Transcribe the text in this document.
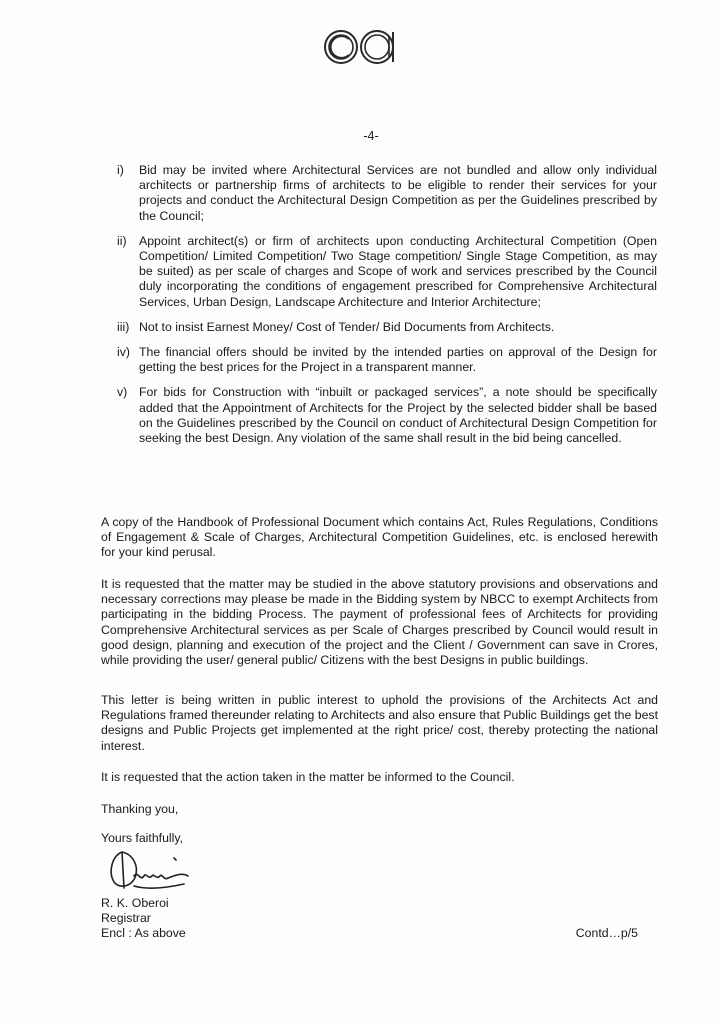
-4-
i) Bid may be invited where Architectural Services are not bundled and allow only individual architects or partnership firms of architects to be eligible to render their services for your projects and conduct the Architectural Design Competition as per the Guidelines prescribed by the Council;
ii) Appoint architect(s) or firm of architects upon conducting Architectural Competition (Open Competition/ Limited Competition/ Two Stage competition/ Single Stage Competition, as may be suited) as per scale of charges and Scope of work and services prescribed by the Council duly incorporating the conditions of engagement prescribed for Comprehensive Architectural Services, Urban Design, Landscape Architecture and Interior Architecture;
iii) Not to insist Earnest Money/ Cost of Tender/ Bid Documents from Architects.
iv) The financial offers should be invited by the intended parties on approval of the Design for getting the best prices for the Project in a transparent manner.
v) For bids for Construction with “inbuilt or packaged services”, a note should be specifically added that the Appointment of Architects for the Project by the selected bidder shall be based on the Guidelines prescribed by the Council on conduct of Architectural Design Competition for seeking the best Design. Any violation of the same shall result in the bid being cancelled.

A copy of the Handbook of Professional Document which contains Act, Rules Regulations, Conditions of Engagement & Scale of Charges, Architectural Competition Guidelines, etc. is enclosed herewith for your kind perusal.

It is requested that the matter may be studied in the above statutory provisions and observations and necessary corrections may please be made in the Bidding system by NBCC to exempt Architects from participating in the bidding Process. The payment of professional fees of Architects for providing Comprehensive Architectural services as per Scale of Charges prescribed by Council would result in good design, planning and execution of the project and the Client / Government can save in Crores, while providing the user/ general public/ Citizens with the best Designs in public buildings.

This letter is being written in public interest to uphold the provisions of the Architects Act and Regulations framed thereunder relating to Architects and also ensure that Public Buildings get the best designs and Public Projects get implemented at the right price/ cost, thereby protecting the national interest.

It is requested that the action taken in the matter be informed to the Council.

Thanking you,
Yours faithfully,
R. K. Oberoi
Registrar
Encl : As above	Contd…p/5
